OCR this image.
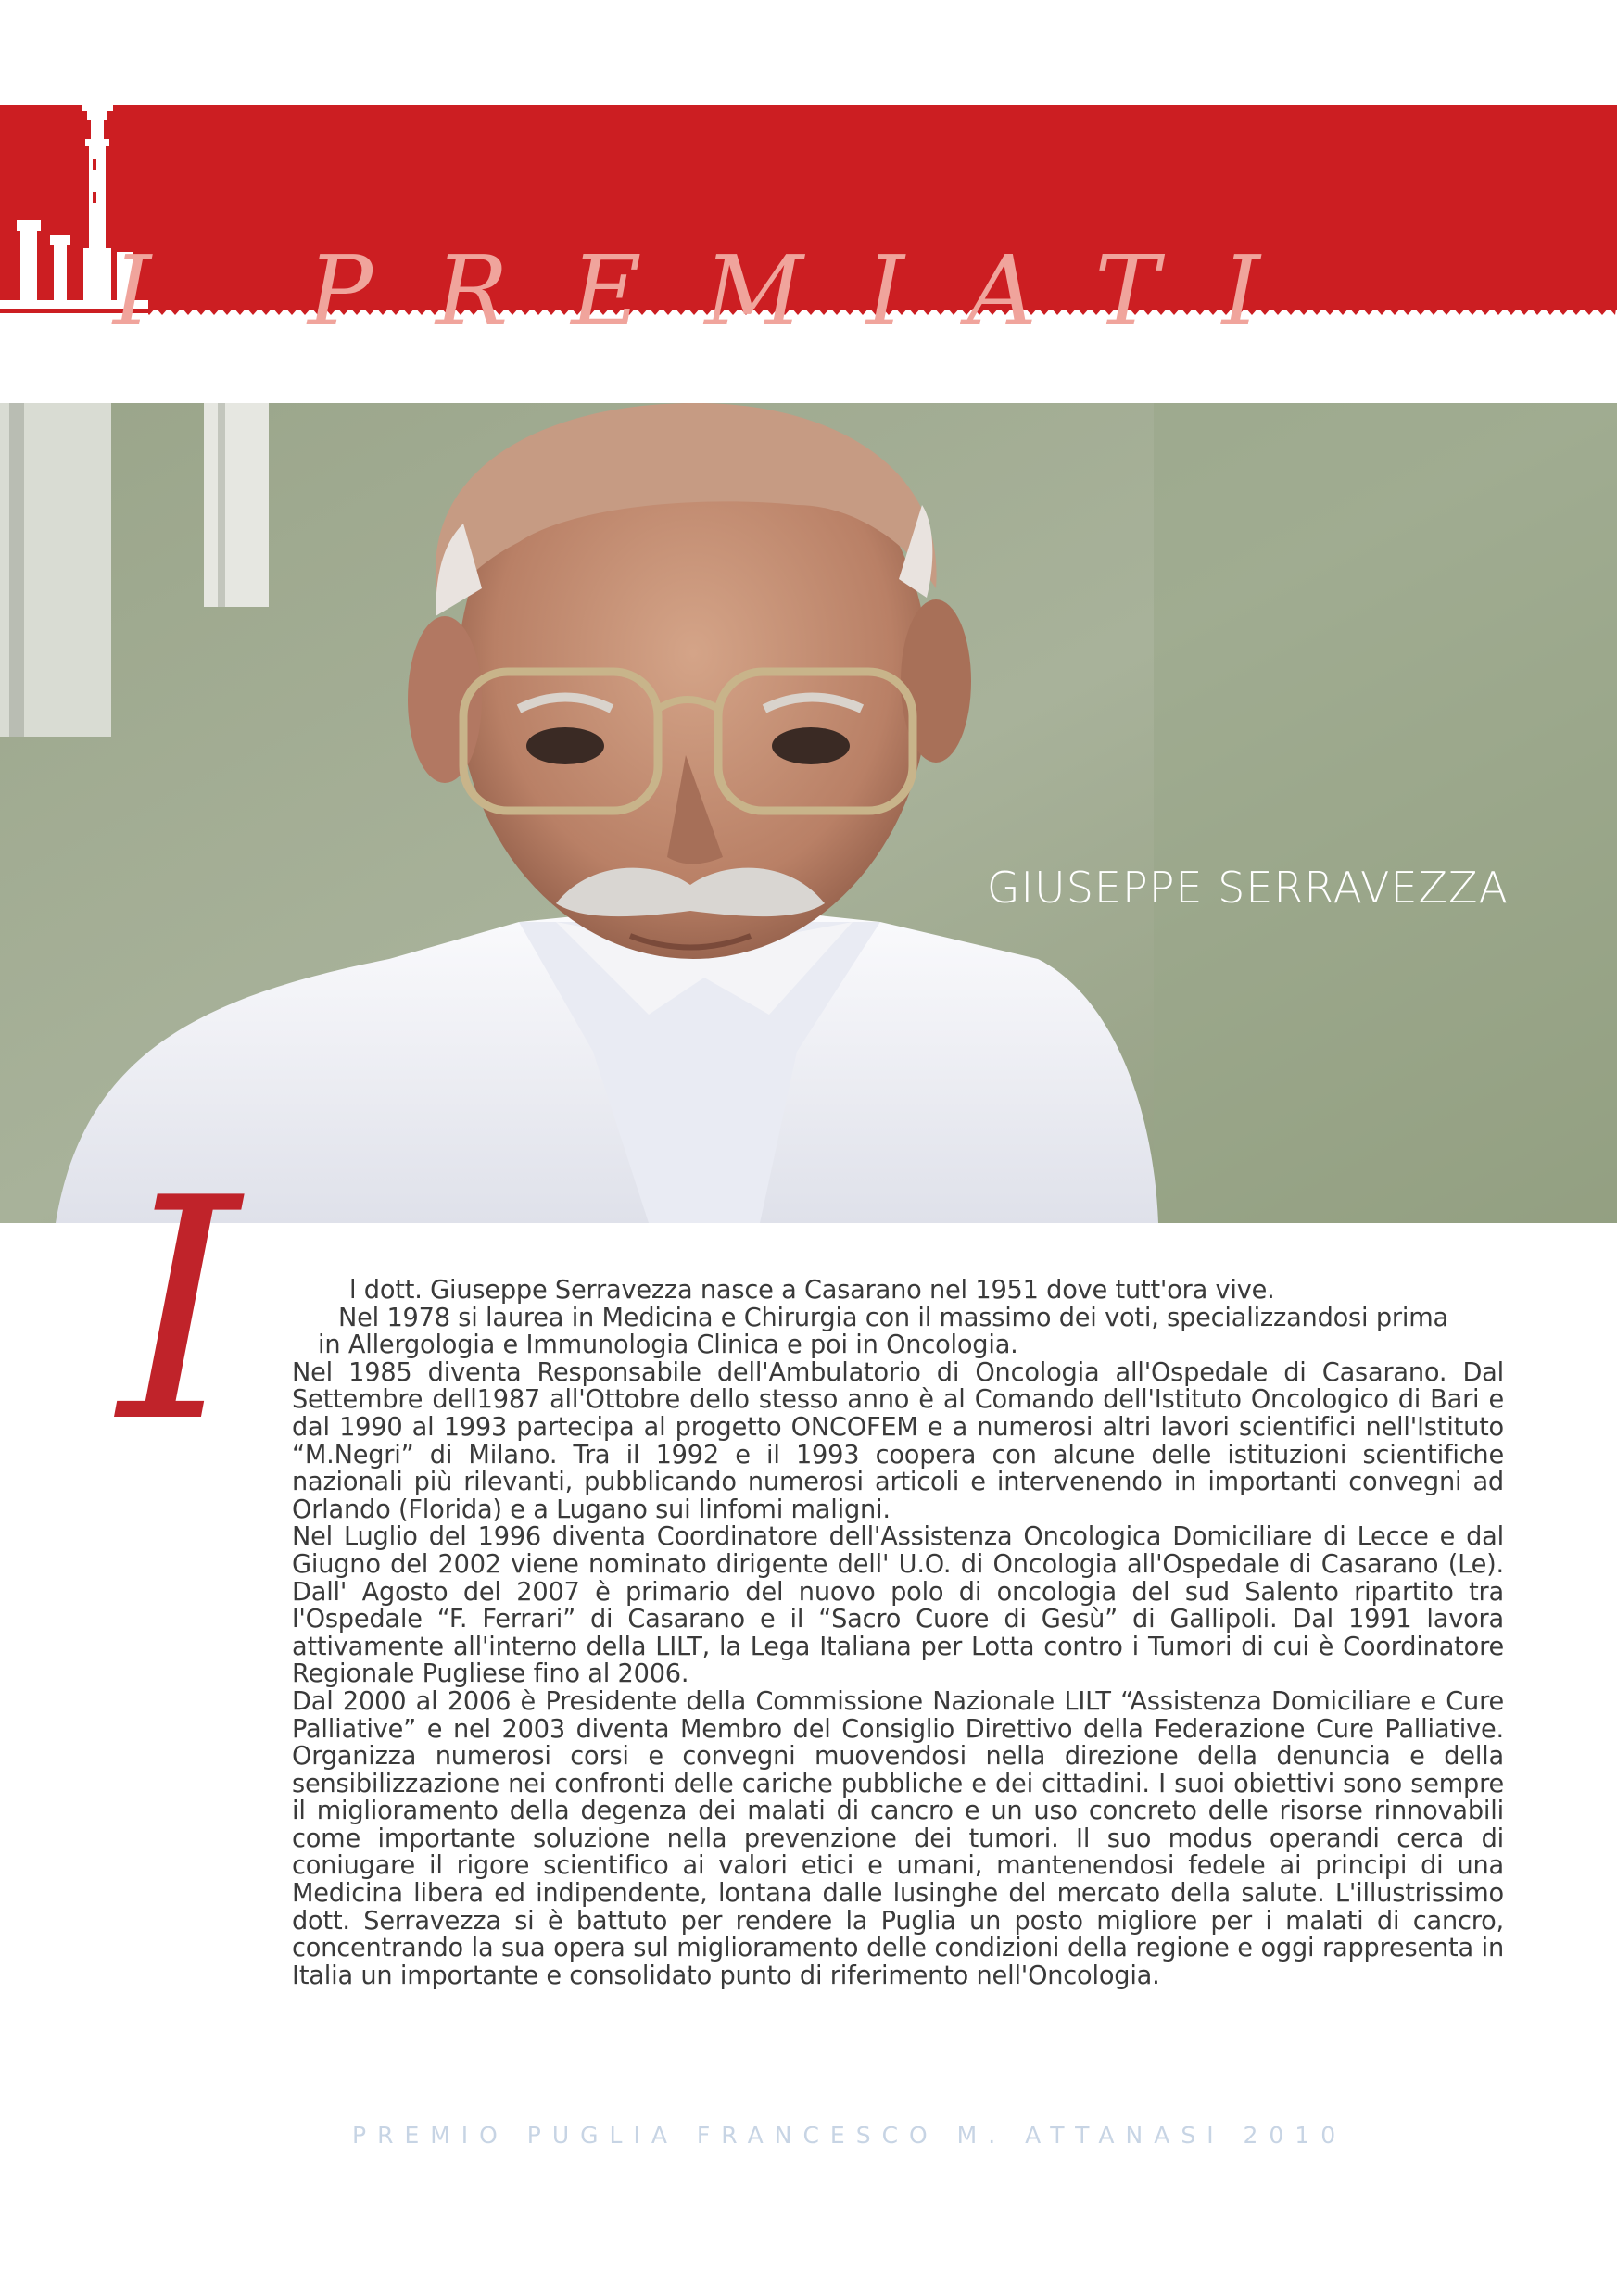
I PREMIATI
GIUSEPPE SERRAVEZZA
I	l dott. Giuseppe Serravezza nasce a Casarano nel 1951 dove tutt'ora vive.

Nel 1978 si laurea in Medicina e Chirurgia con il massimo dei voti, specializzandosi prima

in Allergologia e Immunologia Clinica e poi in Oncologia.

Nel 1985 diventa Responsabile dell'Ambulatorio di Oncologia all'Ospedale di Casarano. Dal Settembre dell1987 all'Ottobre dello stesso anno è al Comando dell'Istituto Oncologico di Bari e dal 1990 al 1993 partecipa al progetto ONCOFEM e a numerosi altri lavori scientifici nell'Istituto “M.Negri” di Milano. Tra il 1992 e il 1993 coopera con alcune delle istituzioni scientifiche nazionali più rilevanti, pubblicando numerosi articoli e intervenendo in importanti convegni ad Orlando (Florida) e a Lugano sui linfomi maligni.

Nel Luglio del 1996 diventa Coordinatore dell'Assistenza Oncologica Domiciliare di Lecce e dal Giugno del 2002 viene nominato dirigente dell' U.O. di Oncologia all'Ospedale di Casarano (Le). Dall' Agosto del 2007 è primario del nuovo polo di oncologia del sud Salento ripartito tra l'Ospedale “F. Ferrari” di Casarano e il “Sacro Cuore di Gesù” di Gallipoli. Dal 1991 lavora attivamente all'interno della LILT, la Lega Italiana per Lotta contro i Tumori di cui è Coordinatore Regionale Pugliese fino al 2006.

Dal 2000 al 2006 è Presidente della Commissione Nazionale LILT “Assistenza Domiciliare e Cure Palliative” e nel 2003 diventa Membro del Consiglio Direttivo della Federazione Cure Palliative. Organizza numerosi corsi e convegni muovendosi nella direzione della denuncia e della sensibilizzazione nei confronti delle cariche pubbliche e dei cittadini. I suoi obiettivi sono sempre il miglioramento della degenza dei malati di cancro e un uso concreto delle risorse rinnovabili come importante soluzione nella prevenzione dei tumori. Il suo modus operandi cerca di coniugare il rigore scientifico ai valori etici e umani, mantenendosi fedele ai principi di una Medicina libera ed indipendente, lontana dalle lusinghe del mercato della salute. L'illustrissimo dott. Serravezza si è battuto per rendere la Puglia un posto migliore per i malati di cancro, concentrando la sua opera sul miglioramento delle condizioni della regione e oggi rappresenta in Italia un importante e consolidato punto di riferimento nell'Oncologia.

PREMIO PUGLIA FRANCESCO M. ATTANASI 2010
